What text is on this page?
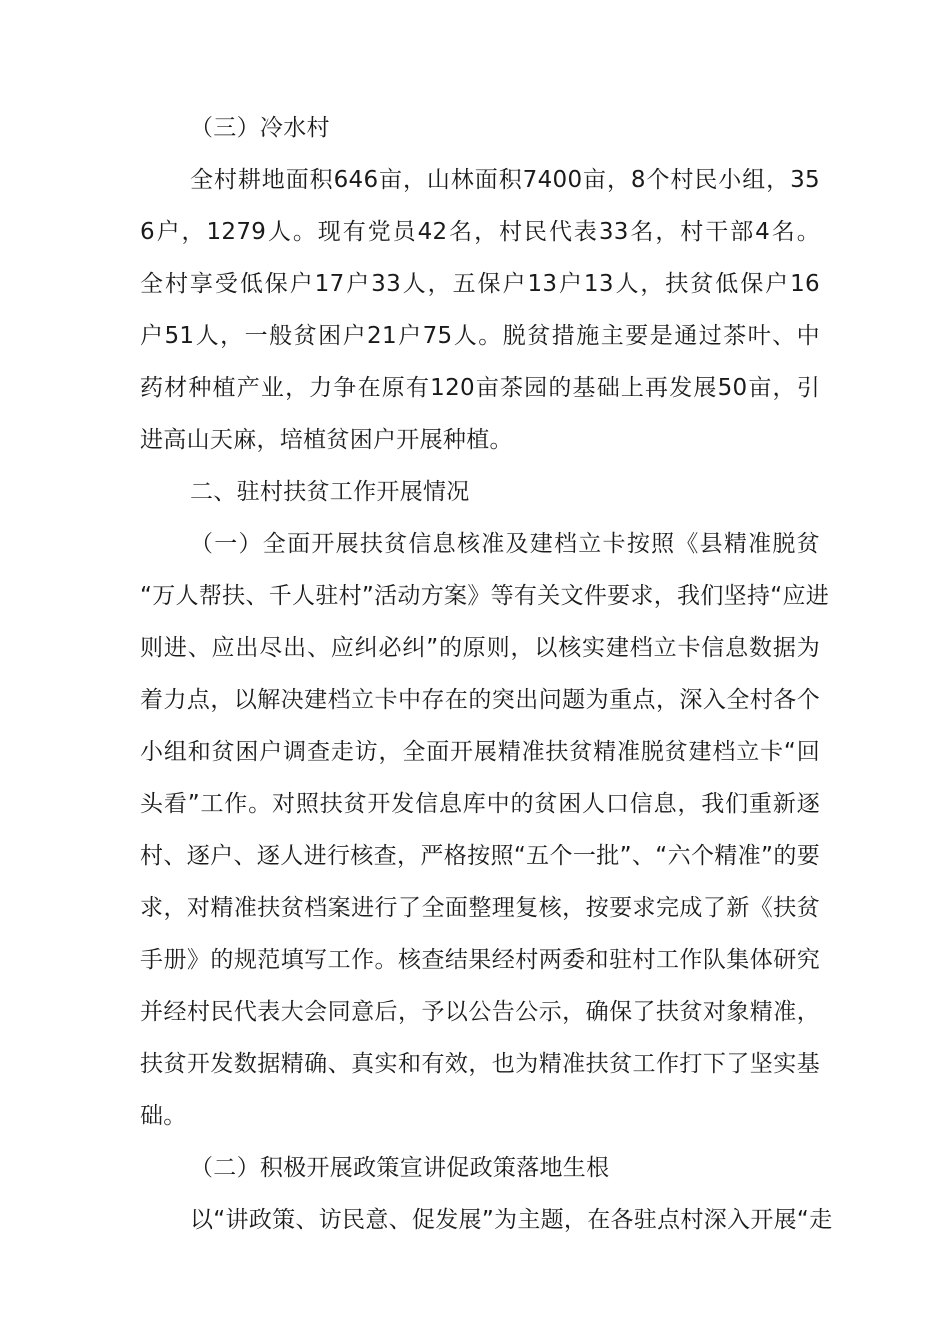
（三）冷水村
全村耕地面积646亩，山林面积7400亩，8个村民小组，35
6户，1279人。现有党员42名，村民代表33名，村干部4名。
全村享受低保户17户33人，五保户13户13人，扶贫低保户16
户51人，一般贫困户21户75人。脱贫措施主要是通过茶叶、中
药材种植产业，力争在原有120亩茶园的基础上再发展50亩，引
进高山天麻，培植贫困户开展种植。
二、驻村扶贫工作开展情况
（一）全面开展扶贫信息核准及建档立卡按照《县精准脱贫
“万人帮扶、千人驻村”活动方案》等有关文件要求，我们坚持“应进
则进、应出尽出、应纠必纠”的原则，以核实建档立卡信息数据为
着力点，以解决建档立卡中存在的突出问题为重点，深入全村各个
小组和贫困户调查走访，全面开展精准扶贫精准脱贫建档立卡“回
头看”工作。对照扶贫开发信息库中的贫困人口信息，我们重新逐
村、逐户、逐人进行核查，严格按照“五个一批”、“六个精准”的要
求，对精准扶贫档案进行了全面整理复核，按要求完成了新《扶贫
手册》的规范填写工作。核查结果经村两委和驻村工作队集体研究
并经村民代表大会同意后，予以公告公示，确保了扶贫对象精准，
扶贫开发数据精确、真实和有效，也为精准扶贫工作打下了坚实基
础。
（二）积极开展政策宣讲促政策落地生根
以“讲政策、访民意、促发展”为主题，在各驻点村深入开展“走
